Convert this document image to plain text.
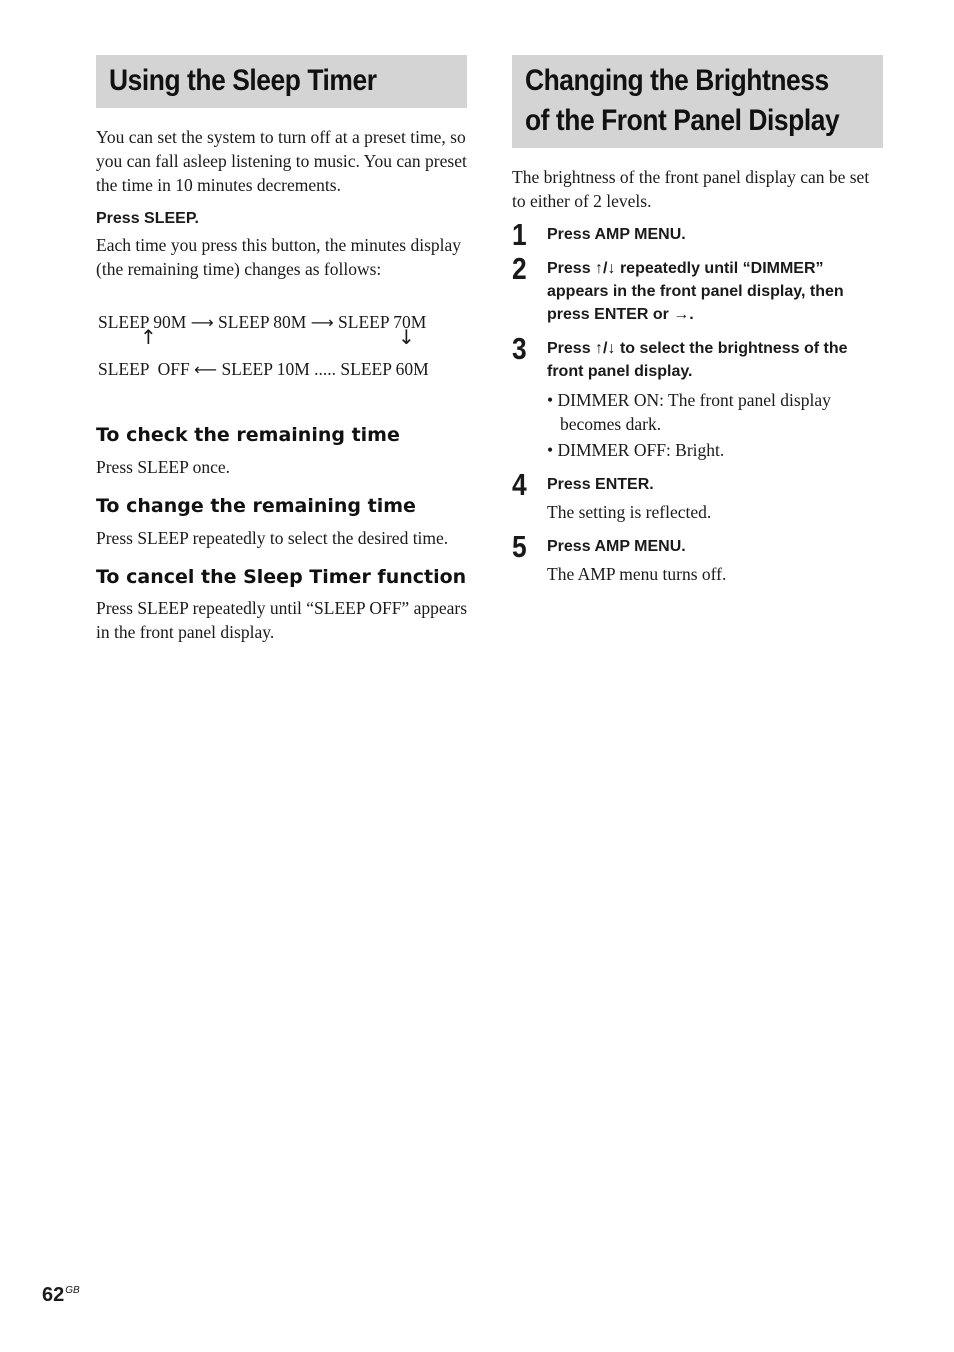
Using the Sleep Timer

You can set the system to turn off at a preset time, so you can fall asleep listening to music. You can preset the time in 10 minutes decrements.

Press SLEEP.

Each time you press this button, the minutes display (the remaining time) changes as follows:

SLEEP 90M ⟶ SLEEP 80M ⟶ SLEEP 70M
↑	↓
SLEEP  OFF ⟵ SLEEP 10M ..... SLEEP 60M

To check the remaining time

Press SLEEP once.

To change the remaining time

Press SLEEP repeatedly to select the desired time.

To cancel the Sleep Timer function

Press SLEEP repeatedly until “SLEEP OFF” appears in the front panel display.

Changing the Brightness
of the Front Panel Display

The brightness of the front panel display can be set to either of 2 levels.

1 Press AMP MENU.

2 Press ↑/↓ repeatedly until “DIMMER” appears in the front panel display, then press ENTER or →.

3 Press ↑/↓ to select the brightness of the front panel display.

• DIMMER ON: The front panel display becomes dark.

• DIMMER OFF: Bright.

4 Press ENTER.

The setting is reflected.

5 Press AMP MENU.

The AMP menu turns off.

$62^{GB}$
